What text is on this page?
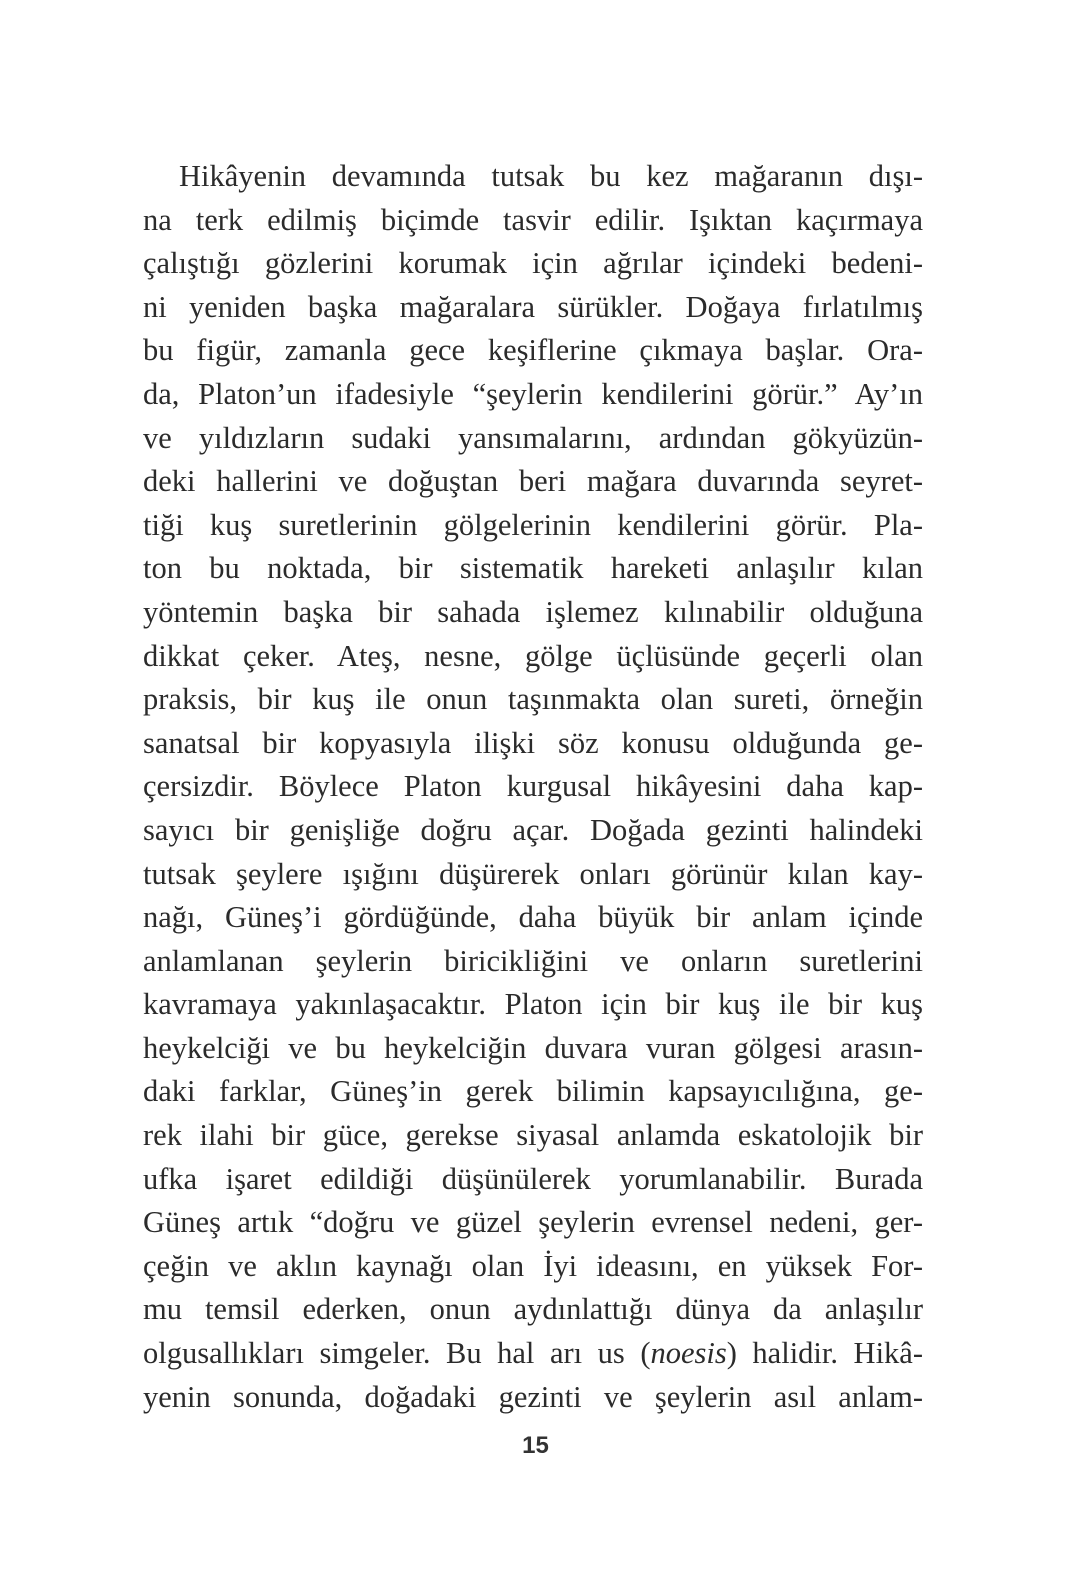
Hikâyenin devamında tutsak bu kez mağaranın dışı-
na terk edilmiş biçimde tasvir edilir. Işıktan kaçırmaya
çalıştığı gözlerini korumak için ağrılar içindeki bedeni-
ni yeniden başka mağaralara sürükler. Doğaya fırlatılmış
bu figür, zamanla gece keşiflerine çıkmaya başlar. Ora-
da, Platon’un ifadesiyle “şeylerin kendilerini görür.” Ay’ın
ve yıldızların sudaki yansımalarını, ardından gökyüzün-
deki hallerini ve doğuştan beri mağara duvarında seyret-
tiği kuş suretlerinin gölgelerinin kendilerini görür. Pla-
ton bu noktada, bir sistematik hareketi anlaşılır kılan
yöntemin başka bir sahada işlemez kılınabilir olduğuna
dikkat çeker. Ateş, nesne, gölge üçlüsünde geçerli olan
praksis, bir kuş ile onun taşınmakta olan sureti, örneğin
sanatsal bir kopyasıyla ilişki söz konusu olduğunda ge-
çersizdir. Böylece Platon kurgusal hikâyesini daha kap-
sayıcı bir genişliğe doğru açar. Doğada gezinti halindeki
tutsak şeylere ışığını düşürerek onları görünür kılan kay-
nağı, Güneş’i gördüğünde, daha büyük bir anlam içinde
anlamlanan şeylerin biricikliğini ve onların suretlerini
kavramaya yakınlaşacaktır. Platon için bir kuş ile bir kuş
heykelciği ve bu heykelciğin duvara vuran gölgesi arasın-
daki farklar, Güneş’in gerek bilimin kapsayıcılığına, ge-
rek ilahi bir güce, gerekse siyasal anlamda eskatolojik bir
ufka işaret edildiği düşünülerek yorumlanabilir. Burada
Güneş artık “doğru ve güzel şeylerin evrensel nedeni, ger-
çeğin ve aklın kaynağı olan İyi ideasını, en yüksek For-
mu temsil ederken, onun aydınlattığı dünya da anlaşılır
olgusallıkları simgeler. Bu hal arı us (noesis) halidir. Hikâ-
yenin sonunda, doğadaki gezinti ve şeylerin asıl anlam-
15
